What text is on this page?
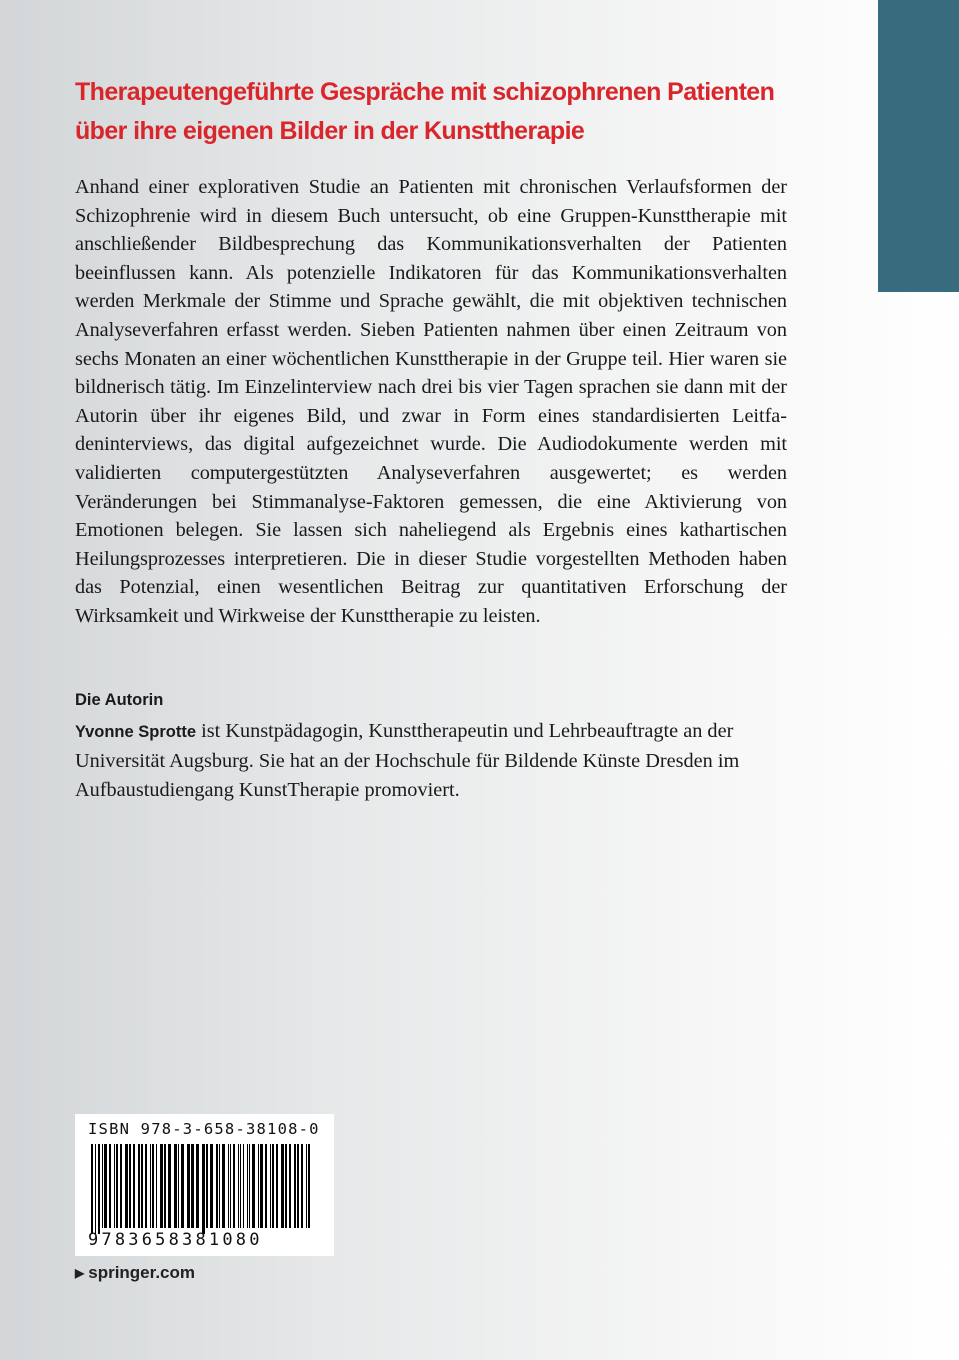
Therapeutengeführte Gespräche mit schizophrenen Patienten
über ihre eigenen Bilder in der Kunsttherapie

Anhand einer explorativen Studie an Patienten mit chronischen Verlaufsformen der Schizophrenie wird in diesem Buch untersucht, ob eine Gruppen-Kunsttherapie mit anschließender Bildbesprechung das Kommunikationsverhalten der Patienten beeinflussen kann. Als potenzielle Indikatoren für das Kommunikationsverhalten werden Merkmale der Stimme und Sprache gewählt, die mit objektiven technischen Analyseverfahren erfasst werden. Sieben Patienten nahmen über einen Zeitraum von sechs Monaten an einer wöchentlichen Kunsttherapie in der Gruppe teil. Hier waren sie bildnerisch tätig. Im Einzelinterview nach drei bis vier Tagen sprachen sie dann mit der Autorin über ihr eigenes Bild, und zwar in Form eines standardisierten Leitfadeninterviews, das digital aufgezeichnet wurde. Die Audiodokumente werden mit validierten computergestützten Analyseverfahren ausgewertet; es werden Veränderungen bei Stimmanalyse-Faktoren gemessen, die eine Aktivierung von Emotionen belegen. Sie lassen sich naheliegend als Ergebnis eines kathartischen Heilungsprozesses interpretieren. Die in dieser Studie vorgestellten Methoden haben das Potenzial, einen wesentlichen Beitrag zur quantitativen Erforschung der Wirksamkeit und Wirkweise der Kunsttherapie zu leisten.

Die Autorin

Yvonne Sprotte ist Kunstpädagogin, Kunsttherapeutin und Lehrbeauftragte an der Universität Augsburg. Sie hat an der Hochschule für Bildende Künste Dresden im Aufbaustudiengang KunstTherapie promoviert.

ISBN 978-3-658-38108-0
9783658381080
▶ springer.com
